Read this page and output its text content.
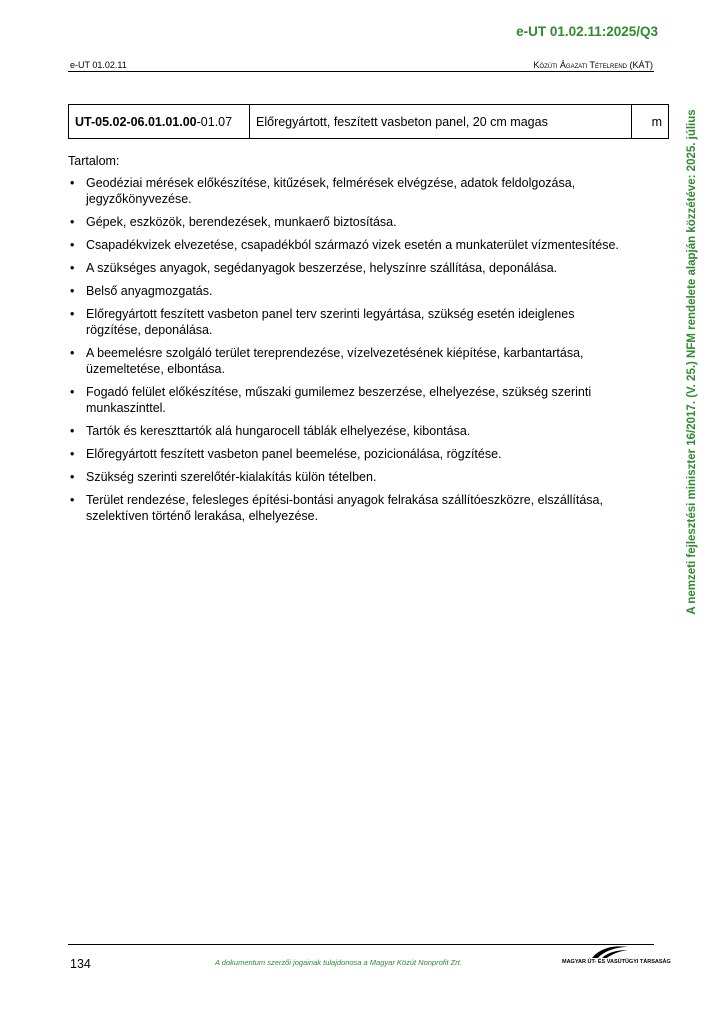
e-UT 01.02.11:2025/Q3
e-UT 01.02.11	Közúti Ágazati Tételrend (KÁT)
UT-05.02-06.01.01.00-01.07	Előregyártott, feszített vasbeton panel, 20 cm magas	m
Tartalom:
• Geodéziai mérések előkészítése, kitűzések, felmérések elvégzése, adatok feldolgozása, jegyzőkönyvezése.
• Gépek, eszközök, berendezések, munkaerő biztosítása.
• Csapadékvizek elvezetése, csapadékból származó vizek esetén a munkaterület vízmentesítése.
• A szükséges anyagok, segédanyagok beszerzése, helyszínre szállítása, deponálása.
• Belső anyagmozgatás.
• Előregyártott feszített vasbeton panel terv szerinti legyártása, szükség esetén ideiglenes rögzítése, deponálása.
• A beemelésre szolgáló terület tereprendezése, vízelvezetésének kiépítése, karbantartása, üzemeltetése, elbontása.
• Fogadó felület előkészítése, műszaki gumilemez beszerzése, elhelyezése, szükség szerinti munkaszinttel.
• Tartók és kereszttartók alá hungarocell táblák elhelyezése, kibontása.
• Előregyártott feszített vasbeton panel beemelése, pozicionálása, rögzítése.
• Szükség szerinti szerelőtér-kialakítás külön tételben.
• Terület rendezése, felesleges építési-bontási anyagok felrakása szállítóeszközre, elszállítása, szelektíven történő lerakása, elhelyezése.	A nemzeti fejlesztési miniszter 16/2017. (V. 25.) NFM rendelete alapján közzétéve: 2025. július
134	A dokumentum szerzői jogainak tulajdonosa a Magyar Közút Nonprofit Zrt.	MAGYAR ÚT- ÉS VASÚTÜGYI TÁRSASÁG
